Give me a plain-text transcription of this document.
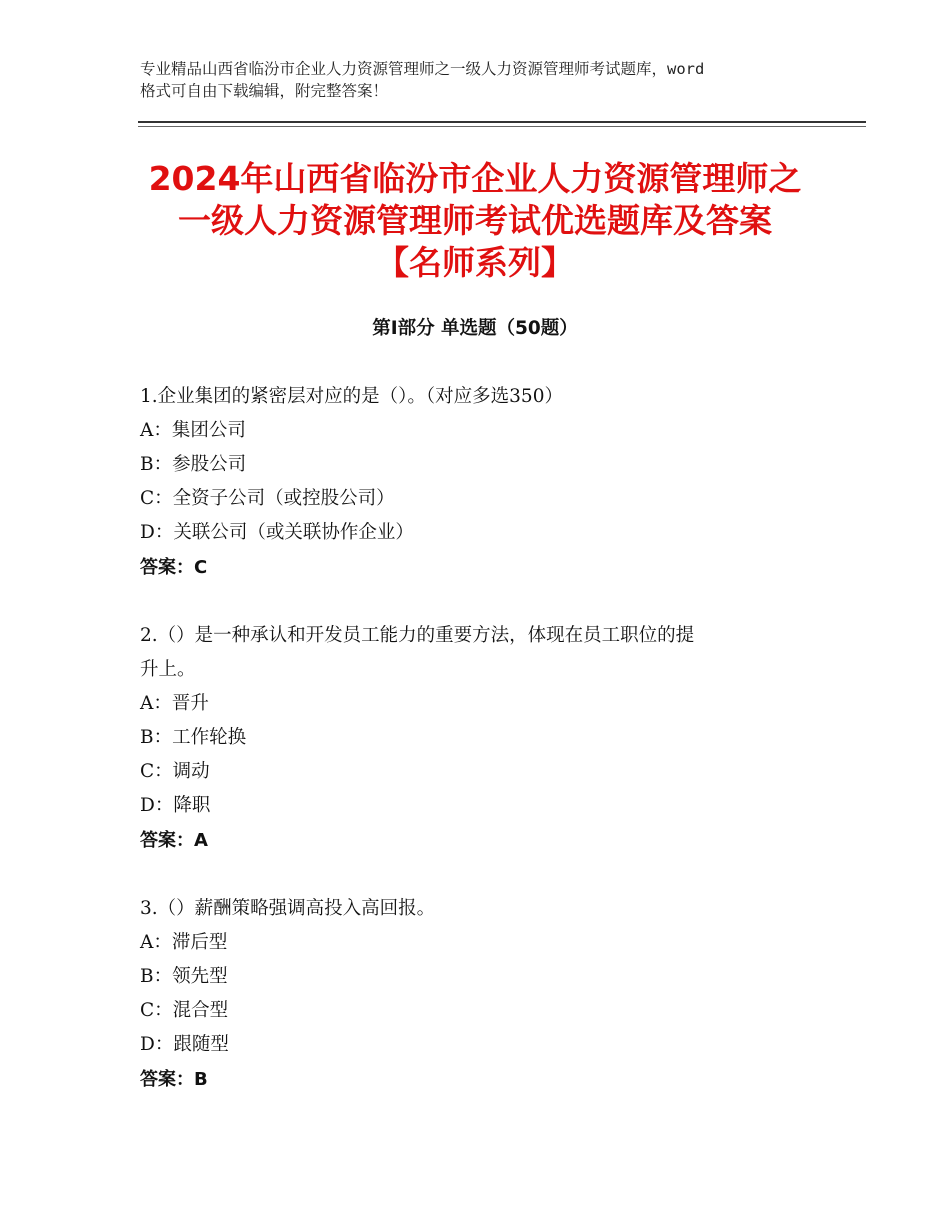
专业精品山西省临汾市企业人力资源管理师之一级人力资源管理师考试题库，word
格式可自由下载编辑，附完整答案！
2024年山西省临汾市企业人力资源管理师之
一级人力资源管理师考试优选题库及答案
【名师系列】
第Ⅰ部分 单选题（50题）
1.企业集团的紧密层对应的是（）。（对应多选350）
A：集团公司
B：参股公司
C：全资子公司（或控股公司）
D：关联公司（或关联协作企业）
答案：C
2.（）是一种承认和开发员工能力的重要方法，体现在员工职位的提
升上。
A：晋升
B：工作轮换
C：调动
D：降职
答案：A
3.（）薪酬策略强调高投入高回报。
A：滞后型
B：领先型
C：混合型
D：跟随型
答案：B
